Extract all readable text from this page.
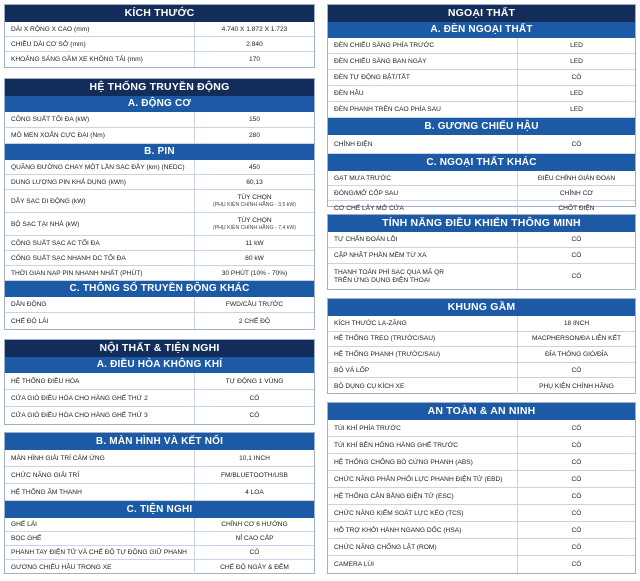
KÍCH THƯỚC
DÀI X RỘNG X CAO (mm)	4.740 X 1.872 X 1.723
CHIỀU DÀI CƠ SỞ (mm)	2.840
KHOẢNG SÁNG GẦM XE KHÔNG TẢI (mm)	170
HỆ THỐNG TRUYỀN ĐỘNG
A. ĐỘNG CƠ
CÔNG SUẤT TỐI ĐA (kW)	150
MÔ MEN XOẮN CỰC ĐẠI (Nm)	280
B. PIN
QUÃNG ĐƯỜNG CHẠY MỘT LẦN SẠC ĐẦY (km) (NEDC)	450
DUNG LƯỢNG PIN KHẢ DỤNG (kWh)	60,13
DÂY SẠC DI ĐỘNG (kW)	TÙY CHỌN
(PHỤ KIỆN CHÍNH HÃNG - 3,5 kW)
BỘ SẠC TẠI NHÀ (kW)	TÙY CHỌN
(PHỤ KIỆN CHÍNH HÃNG - 7,4 kW)
CÔNG SUẤT SẠC AC TỐI ĐA	11 kW
CÔNG SUẤT SẠC NHANH DC TỐI ĐA	80 kW
THỜI GIAN NẠP PIN NHANH NHẤT (PHÚT)	30 PHÚT (10% - 70%)
C. THÔNG SỐ TRUYỀN ĐỘNG KHÁC
DẪN ĐỘNG	FWD/CẦU TRƯỚC
CHẾ ĐỘ LÁI	2 CHẾ ĐỘ
NỘI THẤT & TIỆN NGHI
A. ĐIỀU HÒA KHÔNG KHÍ
HỆ THỐNG ĐIỀU HÒA	TỰ ĐỘNG 1 VÙNG
CỬA GIÓ ĐIỀU HÒA CHO HÀNG GHẾ THỨ 2	CÓ
CỬA GIÓ ĐIỀU HÒA CHO HÀNG GHẾ THỨ 3	CÓ
B. MÀN HÌNH VÀ KẾT NỐI
MÀN HÌNH GIẢI TRÍ CẢM ỨNG	10,1 INCH
CHỨC NĂNG GIẢI TRÍ	FM/BLUETOOTH/USB
HỆ THỐNG ÂM THANH	4 LOA
C. TIỆN NGHI
GHẾ LÁI	CHỈNH CƠ 6 HƯỚNG
BỌC GHẾ	NỈ CAO CẤP
PHANH TAY ĐIỆN TỬ VÀ CHẾ ĐỘ TỰ ĐỘNG GIỮ PHANH	CÓ
GƯƠNG CHIẾU HẬU TRONG XE	CHẾ ĐỘ NGÀY & ĐÊM
NGOẠI THẤT
A. ĐÈN NGOẠI THẤT
ĐÈN CHIẾU SÁNG PHÍA TRƯỚC	LED
ĐÈN CHIẾU SÁNG BAN NGÀY	LED
ĐÈN TỰ ĐỘNG BẬT/TẮT	CÓ
ĐÈN HẬU	LED
ĐÈN PHANH TRÊN CAO PHÍA SAU	LED
B. GƯƠNG CHIẾU HẬU
CHỈNH ĐIỆN	CÓ
C. NGOẠI THẤT KHÁC
GẠT MƯA TRƯỚC	ĐIỀU CHỈNH GIÁN ĐOẠN
ĐÓNG/MỞ CỐP SAU	CHỈNH CƠ
CƠ CHẾ LẤY MỞ CỬA	CHỐT ĐIỆN
TÍNH NĂNG ĐIỀU KHIỂN THÔNG MINH
TỰ CHẨN ĐOÁN LỖI	CÓ
CẬP NHẬT PHẦN MỀM TỪ XA	CÓ
THANH TOÁN PHÍ SẠC QUA MÃ QR
TRÊN ỨNG DỤNG ĐIỆN THOẠI	CÓ
KHUNG GẦM
KÍCH THƯỚC LA-ZĂNG	18 INCH
HỆ THỐNG TREO (TRƯỚC/SAU)	MACPHERSON/ĐA LIÊN KẾT
HỆ THỐNG PHANH (TRƯỚC/SAU)	ĐĨA THÔNG GIÓ/ĐĨA
BỘ VÁ LỐP	CÓ
BỘ DỤNG CỤ KÍCH XE	PHỤ KIỆN CHÍNH HÃNG
AN TOÀN & AN NINH
TÚI KHÍ PHÍA TRƯỚC	CÓ
TÚI KHÍ BÊN HÔNG HÀNG GHẾ TRƯỚC	CÓ
HỆ THỐNG CHỐNG BÓ CỨNG PHANH (ABS)	CÓ
CHỨC NĂNG PHÂN PHỐI LỰC PHANH ĐIỆN TỬ (EBD)	CÓ
HỆ THỐNG CÂN BẰNG ĐIỆN TỬ (ESC)	CÓ
CHỨC NĂNG KIỂM SOÁT LỰC KÉO (TCS)	CÓ
HỖ TRỢ KHỞI HÀNH NGANG DỐC (HSA)	CÓ
CHỨC NĂNG CHỐNG LẬT (ROM)	CÓ
CAMERA LÙI	CÓ
